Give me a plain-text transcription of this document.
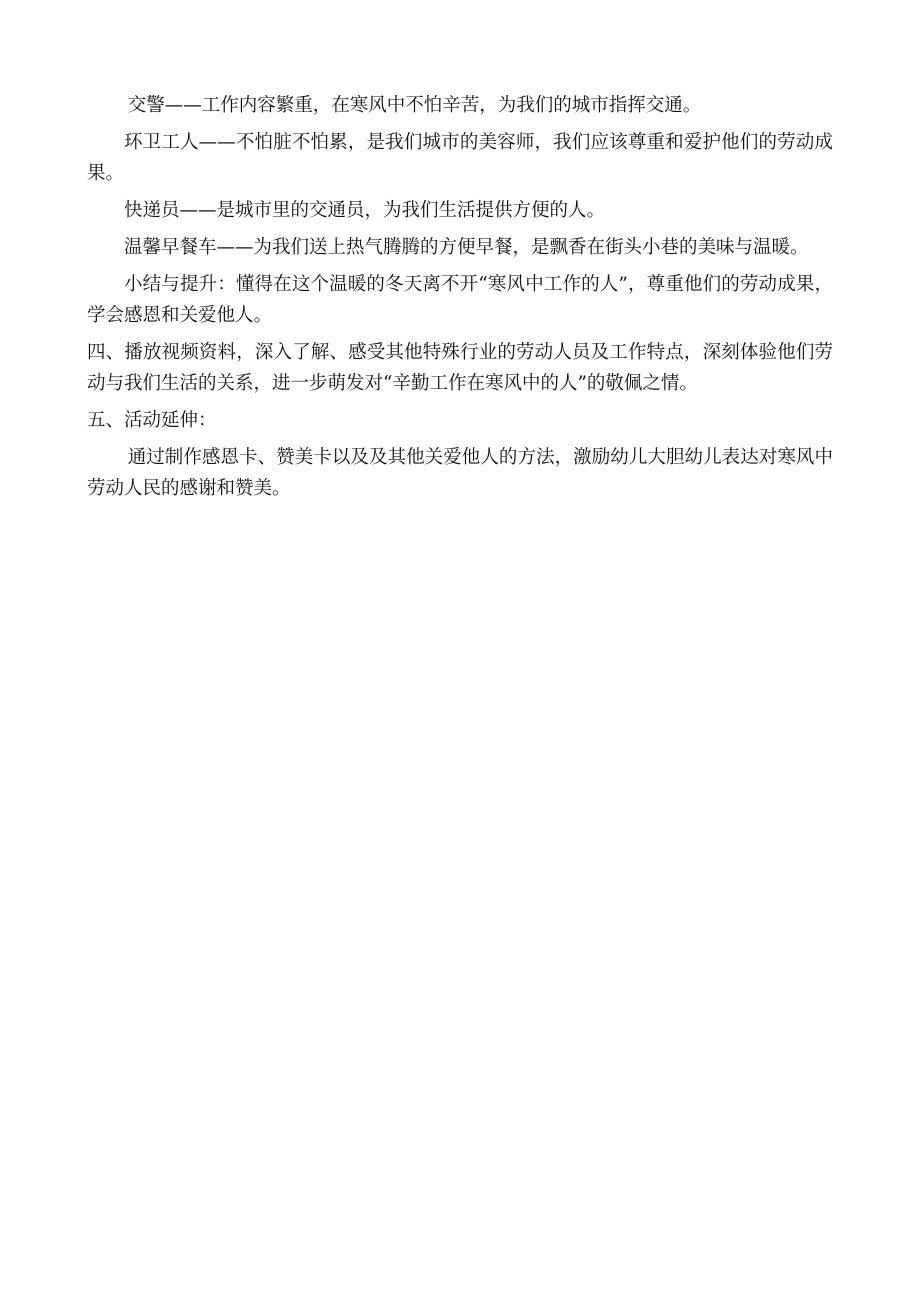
交警——工作内容繁重，在寒风中不怕辛苦，为我们的城市指挥交通。

环卫工人——不怕脏不怕累，是我们城市的美容师，我们应该尊重和爱护他们的劳动成果。

快递员——是城市里的交通员，为我们生活提供方便的人。

温馨早餐车——为我们送上热气腾腾的方便早餐，是飘香在街头小巷的美味与温暖。

小结与提升：懂得在这个温暖的冬天离不开“寒风中工作的人”，尊重他们的劳动成果，学会感恩和关爱他人。

四、播放视频资料，深入了解、感受其他特殊行业的劳动人员及工作特点，深刻体验他们劳动与我们生活的关系，进一步萌发对“辛勤工作在寒风中的人”的敬佩之情。

五、活动延伸：

通过制作感恩卡、赞美卡以及及其他关爱他人的方法，激励幼儿大胆幼儿表达对寒风中劳动人民的感谢和赞美。
